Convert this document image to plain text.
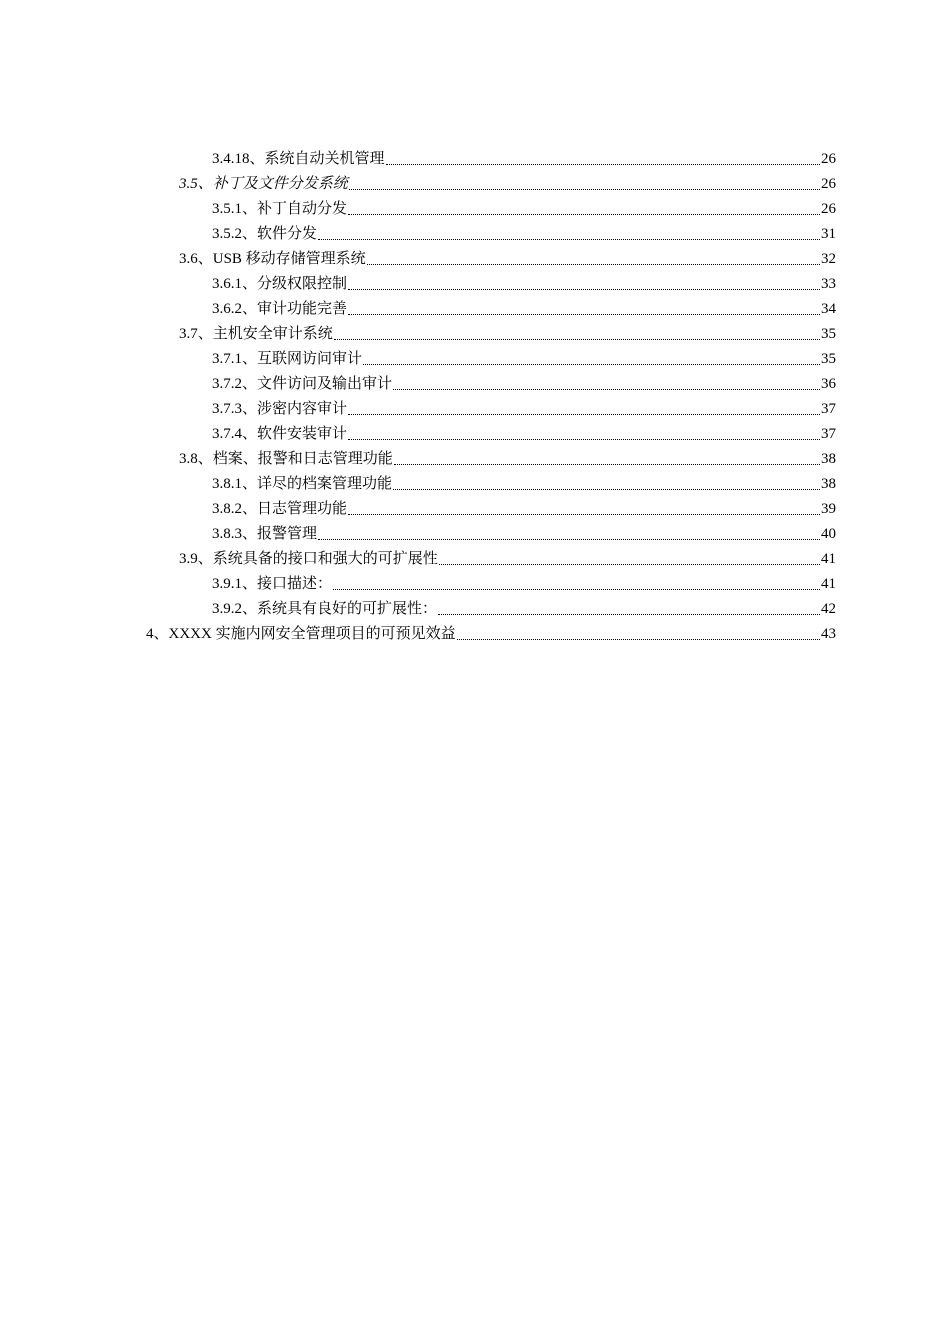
3.4.18、系统自动关机管理	26
3.5、补丁及文件分发系统	26
3.5.1、补丁自动分发	26
3.5.2、软件分发	31
3.6、USB 移动存储管理系统	32
3.6.1、分级权限控制	33
3.6.2、审计功能完善	34
3.7、主机安全审计系统	35
3.7.1、互联网访问审计	35
3.7.2、文件访问及输出审计	36
3.7.3、涉密内容审计	37
3.7.4、软件安装审计	37
3.8、档案、报警和日志管理功能	38
3.8.1、详尽的档案管理功能	38
3.8.2、日志管理功能	39
3.8.3、报警管理	40
3.9、系统具备的接口和强大的可扩展性	41
3.9.1、接口描述：	41
3.9.2、系统具有良好的可扩展性：	42
4、XXXX 实施内网安全管理项目的可预见效益	43
